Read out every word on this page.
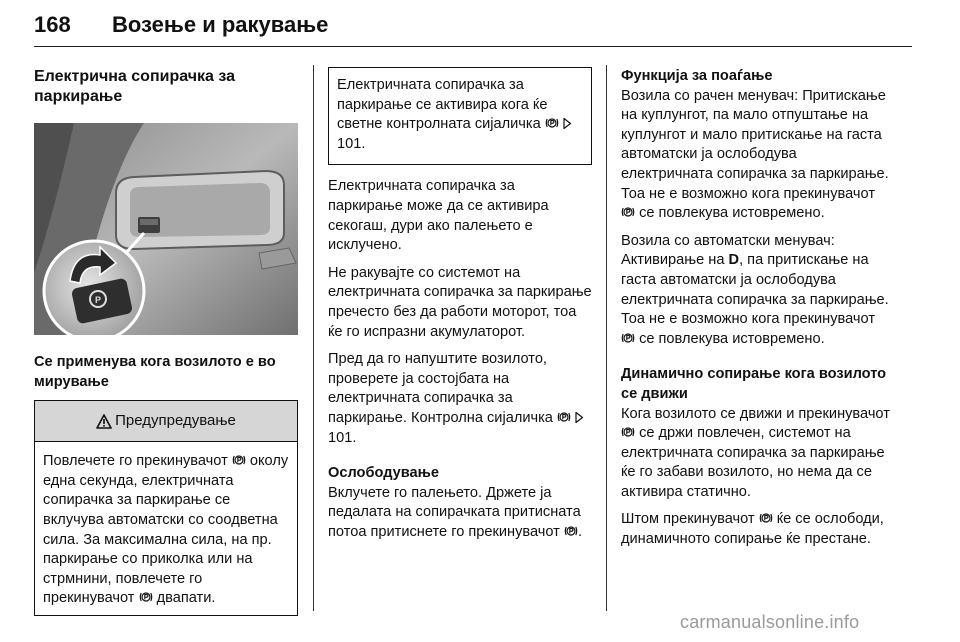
168 Возење и ракување
Електрична сопирачка за паркирање
P
Се применува кога возилото е во мирување
Предупредување
Повлечете го прекинувачот околу една секунда, електричната сопирачка за паркирање се вклучува автоматски со соодветна сила. За максимална сила, на пр. паркирање со приколка или на стрмнини, повлечете го прекинувачот двапати.
Електричната сопирачка за паркирање се активира кога ќе светне контролната сијаличка   101.

Електричната сопирачка за паркирање може да се активира секогаш, дури ако палењето е исклучено.

Не ракувајте со системот на електричната сопирачка за паркирање пречесто без да работи моторот, тоа ќе го испразни акумулаторот.

Пред да го напуштите возилото, проверете ја состојбата на електричната сопирачка за паркирање. Контролна сијаличка   101.

Ослободување

Вклучете го палењето. Држете ја педалата на сопирачката притисната потоа притиснете го прекинувачот .

Функција за поаѓање

Возила со рачен менувач: Притискање на куплунгот, па мало отпуштање на куплунгот и мало притискање на гаста автоматски ја ослободува електричната сопирачка за паркирање. Тоа не е возможно кога прекинувачот  се повлекува истовремено.

Возила со автоматски менувач: Активирање на D, па притискање на гаста автоматски ја ослободува електричната сопирачка за паркирање. Тоа не е возможно кога прекинувачот  се повлекува истовремено.

Динамично сопирање кога возилото се движи

Кога возилото се движи и прекинувачот  се држи повлечен, системот на електричната сопирачка за паркирање ќе го забави возилото, но нема да се активира статично.

Штом прекинувачот ќе се ослободи, динамичното сопирање ќе престане.

carmanualsonline.info
